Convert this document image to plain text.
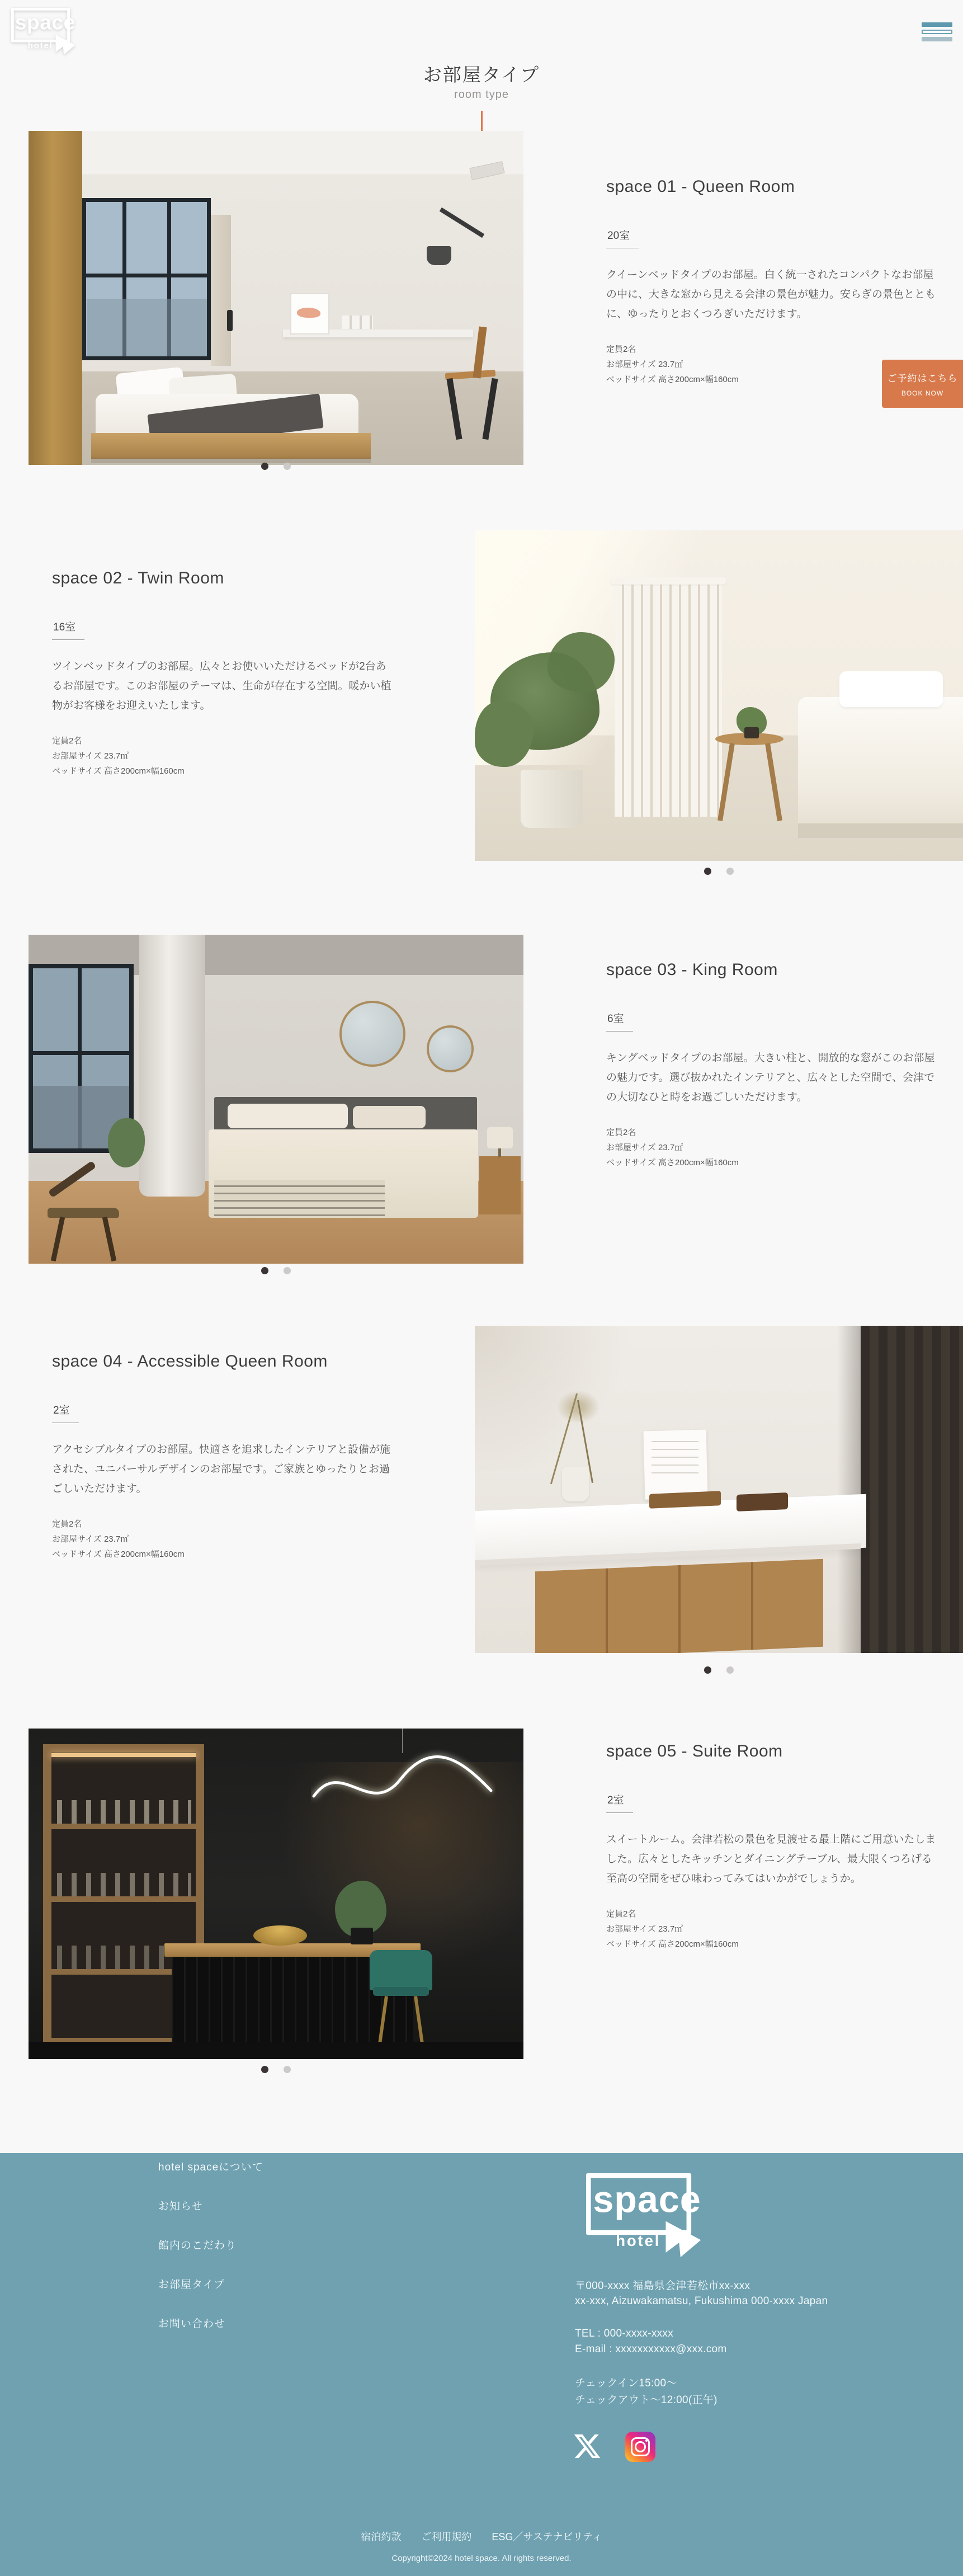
space
hotel
お部屋タイプ
room type
ご予約はこちら
BOOK NOW
space 01 - Queen Room
20室

クイーンベッドタイプのお部屋。白く統一されたコンパクトなお部屋の中に、大きな窓から見える会津の景色が魅力。安らぎの景色とともに、ゆったりとおくつろぎいただけます。

定員2名
お部屋サイズ 23.7㎡
ベッドサイズ 高さ200cm×幅160cm
space 02 - Twin Room
16室

ツインベッドタイプのお部屋。広々とお使いいただけるベッドが2台あるお部屋です。このお部屋のテーマは、生命が存在する空間。暖かい植物がお客様をお迎えいたします。

定員2名
お部屋サイズ 23.7㎡
ベッドサイズ 高さ200cm×幅160cm
space 03 - King Room
6室

キングベッドタイプのお部屋。大きい柱と、開放的な窓がこのお部屋の魅力です。選び抜かれたインテリアと、広々とした空間で、会津での大切なひと時をお過ごしいただけます。

定員2名
お部屋サイズ 23.7㎡
ベッドサイズ 高さ200cm×幅160cm
space 04 - Accessible Queen Room
2室

アクセシブルタイプのお部屋。快適さを追求したインテリアと設備が施された、ユニバーサルデザインのお部屋です。ご家族とゆったりとお過ごしいただけます。

定員2名
お部屋サイズ 23.7㎡
ベッドサイズ 高さ200cm×幅160cm
space 05 - Suite Room
2室

スイートルーム。会津若松の景色を見渡せる最上階にご用意いたしました。広々としたキッチンとダイニングテーブル、最大限くつろげる至高の空間をぜひ味わってみてはいかがでしょうか。

定員2名
お部屋サイズ 23.7㎡
ベッドサイズ 高さ200cm×幅160cm
hotel spaceについて
お知らせ
館内のこだわり
お部屋タイプ
お問い合わせ
space
hotel
〒000-xxxx 福島県会津若松市xx-xxx
xx-xxx, Aizuwakamatsu, Fukushima 000-xxxx Japan
TEL : 000-xxxx-xxxx
E-mail : xxxxxxxxxxx@xxx.com
チェックイン15:00〜
チェックアウト〜12:00(正午)
宿泊約款 ご利用規約 ESG／サステナビリティ
Copyright©2024 hotel space. All rights reserved.
